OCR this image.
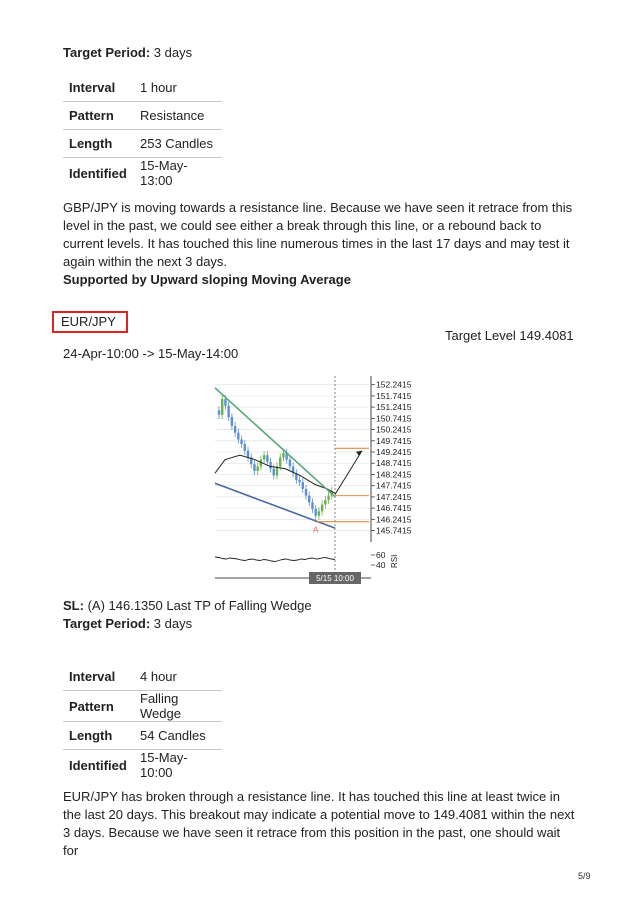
Target Period: 3 days
Interval	1 hour
Pattern	Resistance
Length	253 Candles
Identified	15-May-13:00
GBP/JPY is moving towards a resistance line. Because we have seen it retrace from this
level in the past, we could see either a break through this line, or a rebound back to
current levels. It has touched this line numerous times in the last 17 days and may test it
again within the next 3 days.
Supported by Upward sloping Moving Average
EUR/JPY
Target Level 149.4081
24-Apr-10:00 -> 15-May-14:00
152.2415
151.7415
151.2415
150.7415
150.2415
149.7415
149.2415
148.7415
148.2415
147.7415
147.2415
146.7415
146.2415
145.7415
A
60
40 RSI
5/15 10:00
SL: (A) 146.1350 Last TP of Falling Wedge
Target Period: 3 days
Interval	4 hour
Pattern	Falling Wedge
Length	54 Candles
Identified	15-May-10:00
EUR/JPY has broken through a resistance line. It has touched this line at least twice in
the last 20 days. This breakout may indicate a potential move to 149.4081 within the next
3 days. Because we have seen it retrace from this position in the past, one should wait for
5/9
